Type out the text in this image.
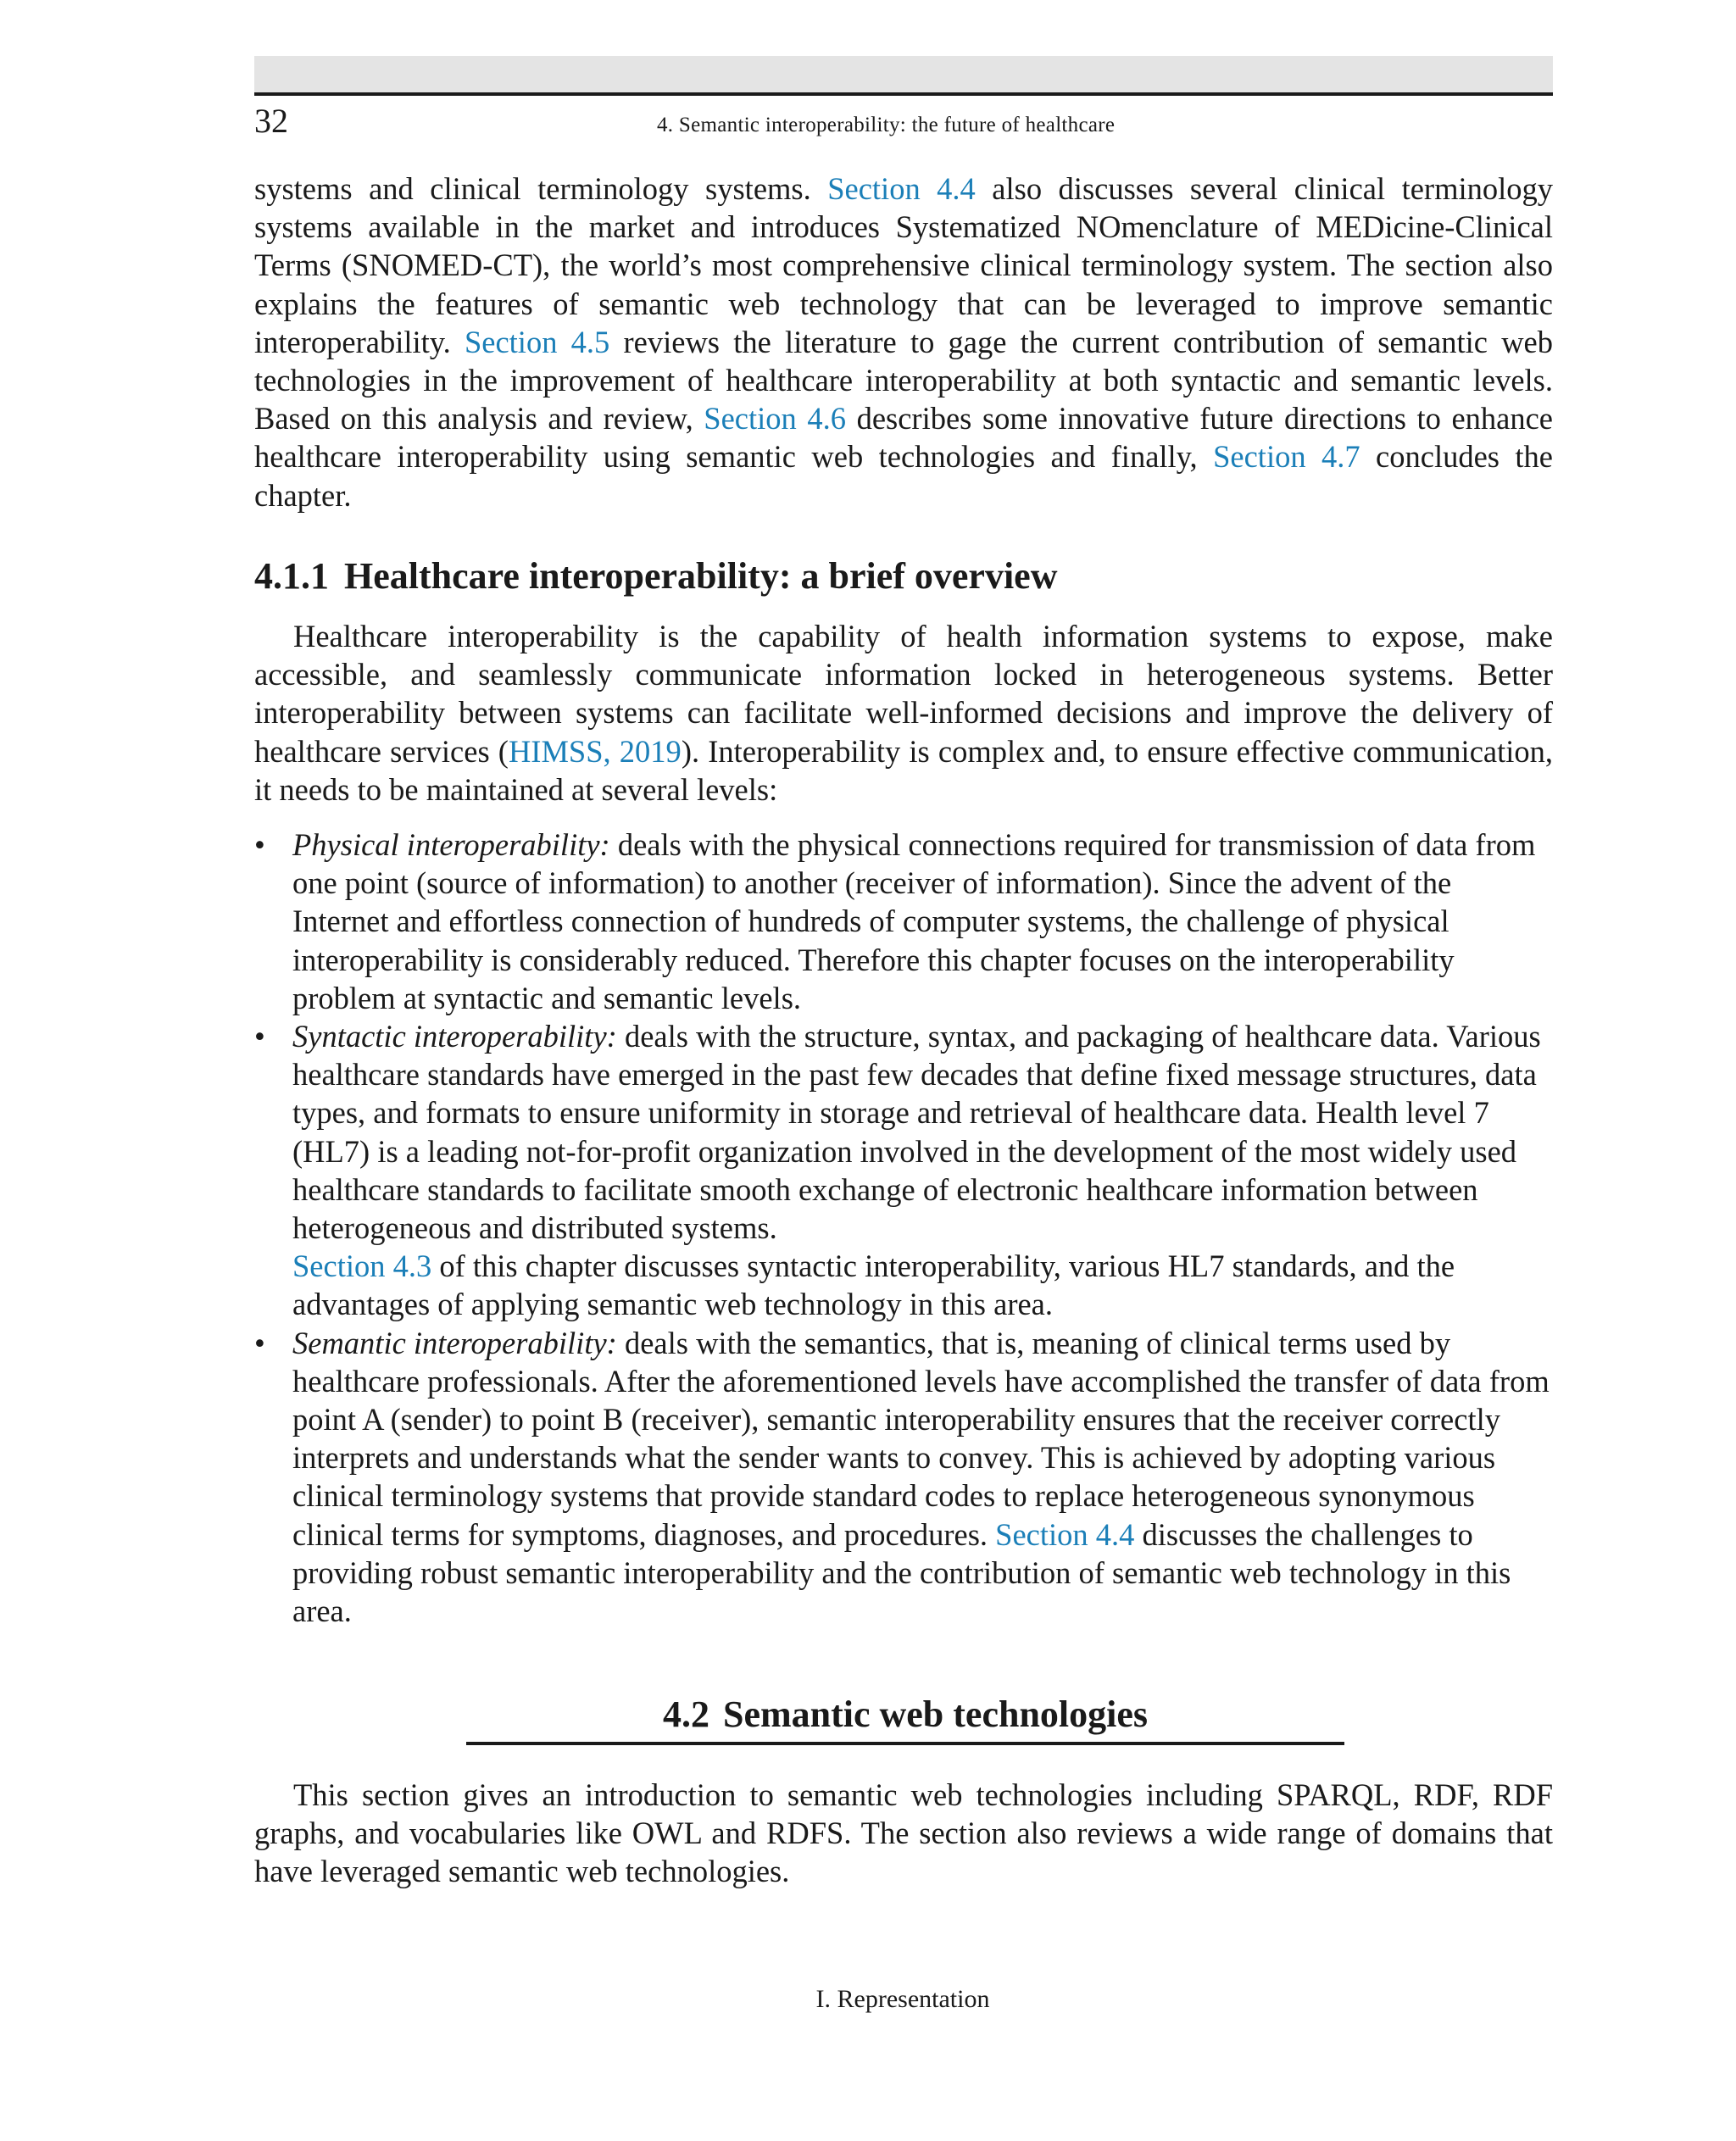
32	4. Semantic interoperability: the future of healthcare

systems and clinical terminology systems. Section 4.4 also discusses several clinical terminology systems available in the market and introduces Systematized NOmenclature of MEDicine-Clinical Terms (SNOMED-CT), the world’s most comprehensive clinical terminology system. The section also explains the features of semantic web technology that can be leveraged to improve semantic interoperability. Section 4.5 reviews the literature to gage the current contribution of semantic web technologies in the improvement of healthcare interoperability at both syntactic and semantic levels. Based on this analysis and review, Section 4.6 describes some innovative future directions to enhance healthcare interoperability using semantic web technologies and finally, Section 4.7 concludes the chapter.

4.1.1 Healthcare interoperability: a brief overview

Healthcare interoperability is the capability of health information systems to expose, make accessible, and seamlessly communicate information locked in heterogeneous systems. Better interoperability between systems can facilitate well-informed decisions and improve the delivery of healthcare services (HIMSS, 2019). Interoperability is complex and, to ensure effective communication, it needs to be maintained at several levels:

• Physical interoperability: deals with the physical connections required for transmission of data from one point (source of information) to another (receiver of information). Since the advent of the Internet and effortless connection of hundreds of computer systems, the challenge of physical interoperability is considerably reduced. Therefore this chapter focuses on the interoperability problem at syntactic and semantic levels.
• Syntactic interoperability: deals with the structure, syntax, and packaging of healthcare data. Various healthcare standards have emerged in the past few decades that define fixed message structures, data types, and formats to ensure uniformity in storage and retrieval of healthcare data. Health level 7 (HL7) is a leading not-for-profit organization involved in the development of the most widely used healthcare standards to facilitate smooth exchange of electronic healthcare information between heterogeneous and distributed systems.
Section 4.3 of this chapter discusses syntactic interoperability, various HL7 standards, and the advantages of applying semantic web technology in this area.
• Semantic interoperability: deals with the semantics, that is, meaning of clinical terms used by healthcare professionals. After the aforementioned levels have accomplished the transfer of data from point A (sender) to point B (receiver), semantic interoperability ensures that the receiver correctly interprets and understands what the sender wants to convey. This is achieved by adopting various clinical terminology systems that provide standard codes to replace heterogeneous synonymous clinical terms for symptoms, diagnoses, and procedures. Section 4.4 discusses the challenges to providing robust semantic interoperability and the contribution of semantic web technology in this area.
4.2 Semantic web technologies

This section gives an introduction to semantic web technologies including SPARQL, RDF, RDF graphs, and vocabularies like OWL and RDFS. The section also reviews a wide range of domains that have leveraged semantic web technologies.

I. Representation
